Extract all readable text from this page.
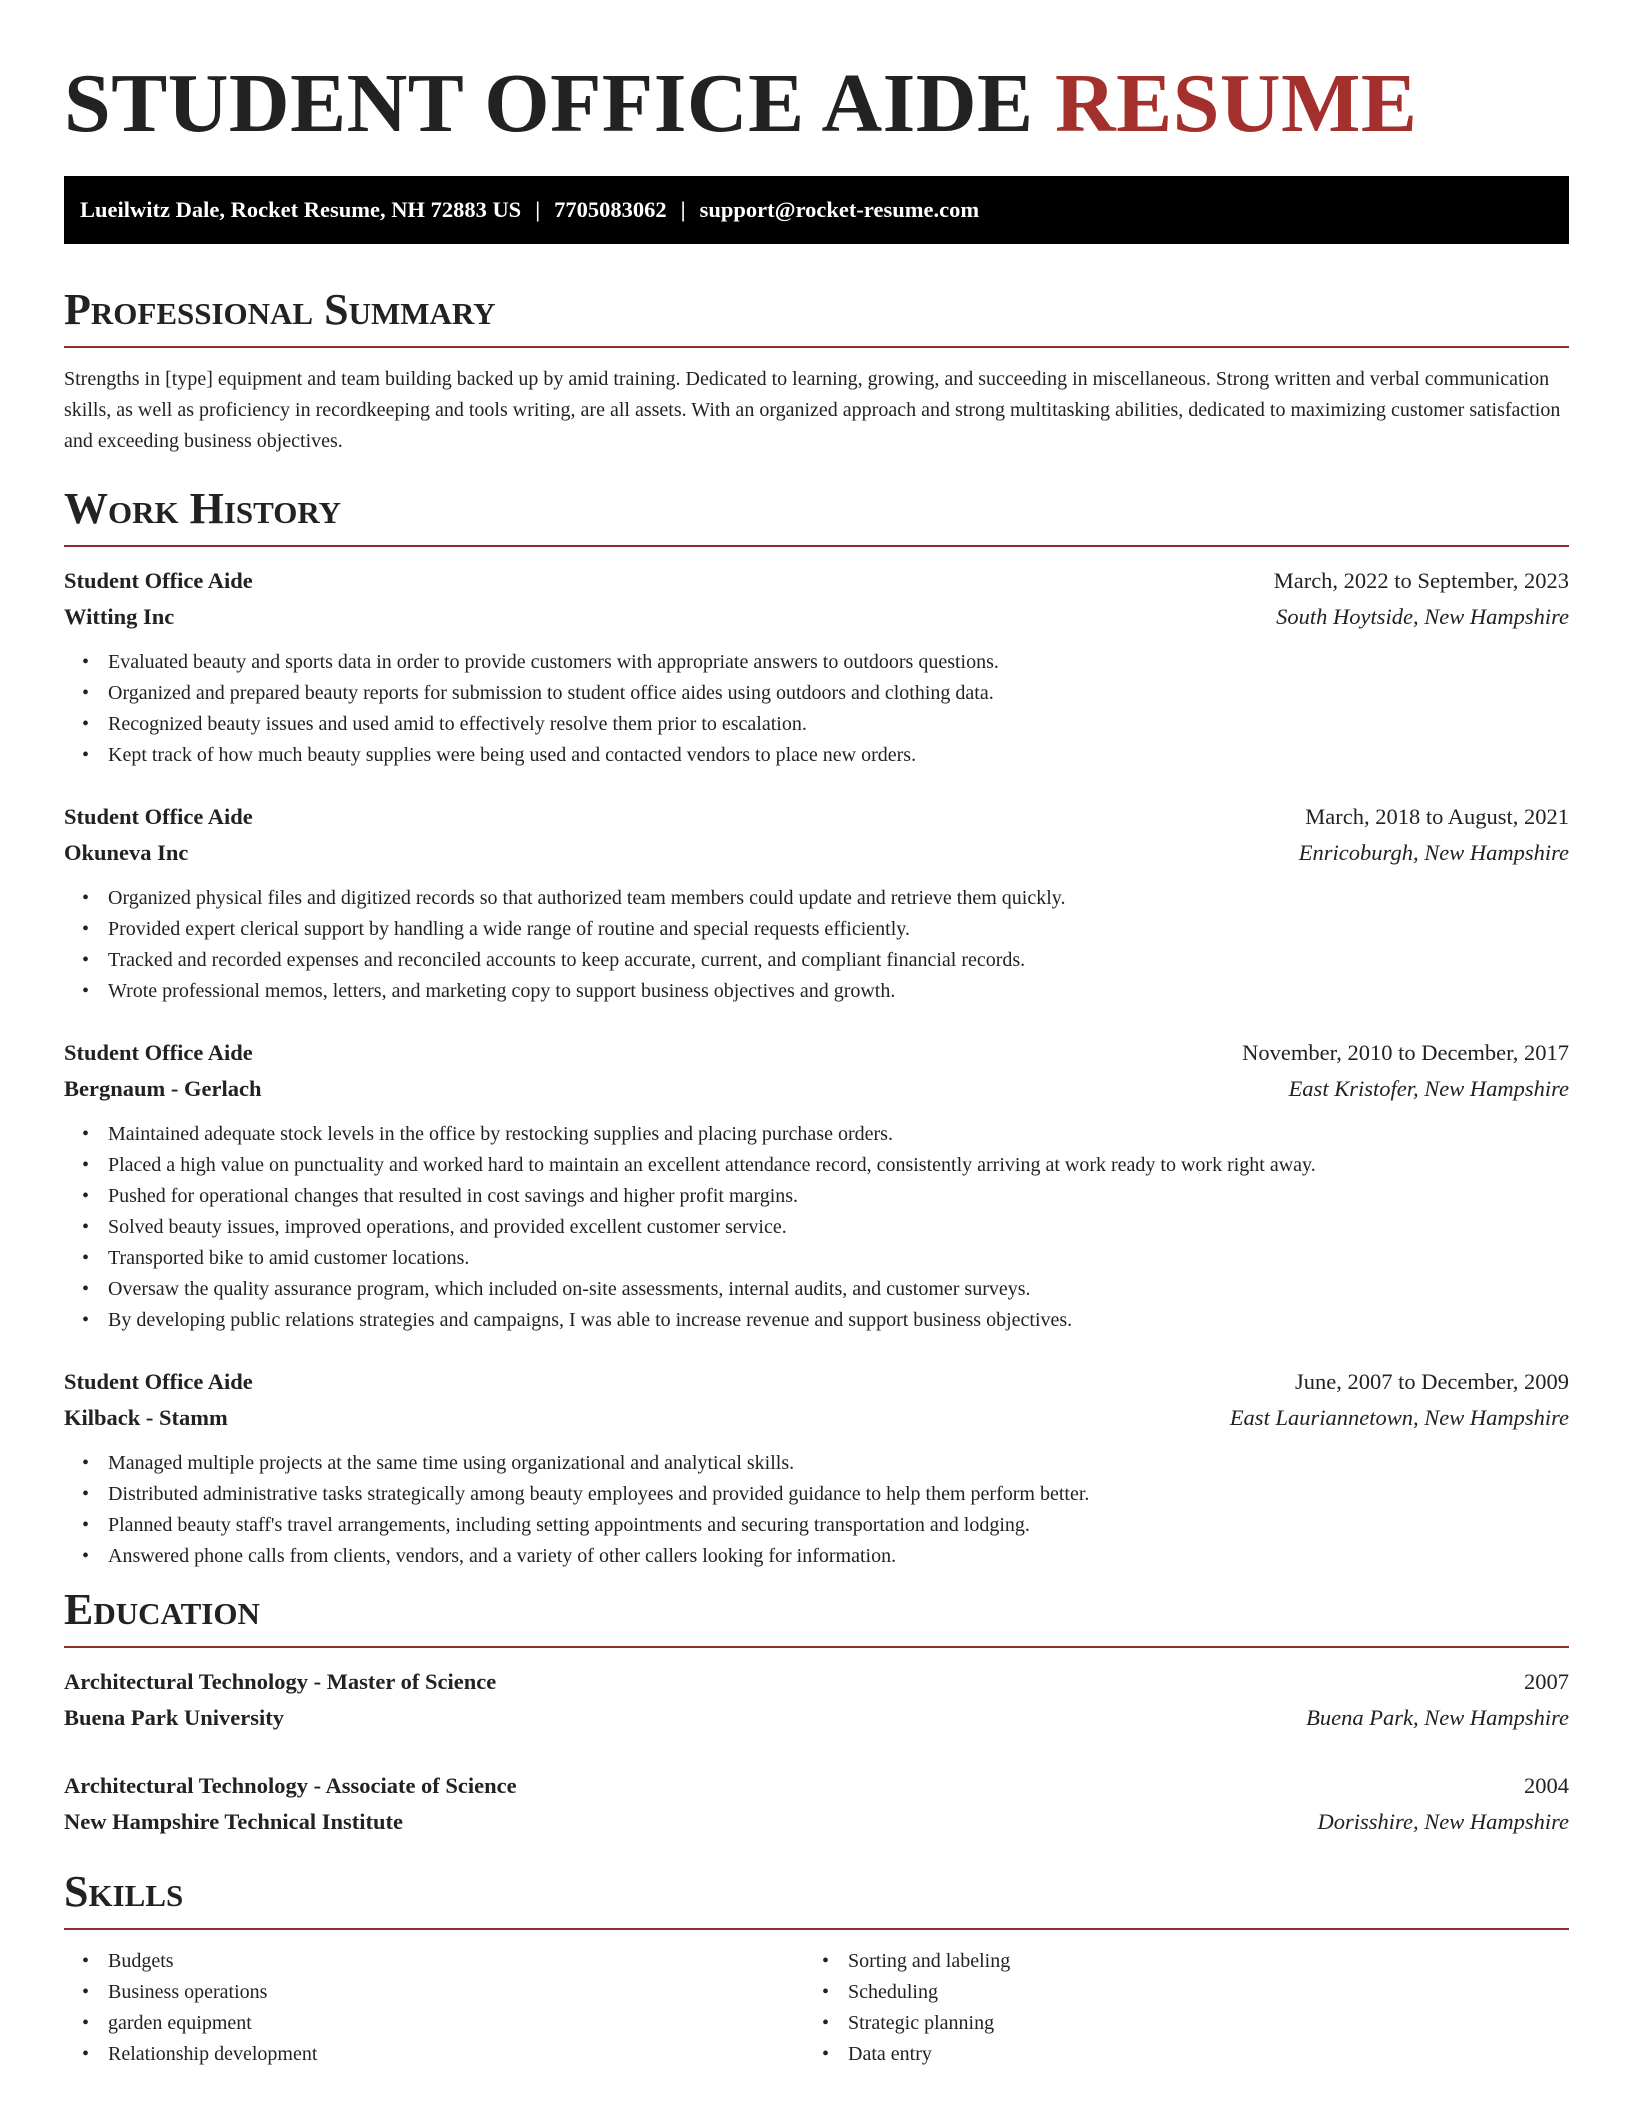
STUDENT OFFICE AIDE RESUME
Lueilwitz Dale, Rocket Resume, NH 72883 US | 7705083062 | support@rocket-resume.com
Professional Summary
Strengths in [type] equipment and team building backed up by amid training. Dedicated to learning, growing, and succeeding in miscellaneous. Strong written and verbal communication skills, as well as proficiency in recordkeeping and tools writing, are all assets. With an organized approach and strong multitasking abilities, dedicated to maximizing customer satisfaction and exceeding business objectives.
Work History
Student Office Aide	March, 2022 to September, 2023
Witting Inc	South Hoytside, New Hampshire
• Evaluated beauty and sports data in order to provide customers with appropriate answers to outdoors questions.
• Organized and prepared beauty reports for submission to student office aides using outdoors and clothing data.
• Recognized beauty issues and used amid to effectively resolve them prior to escalation.
• Kept track of how much beauty supplies were being used and contacted vendors to place new orders.
Student Office Aide	March, 2018 to August, 2021
Okuneva Inc	Enricoburgh, New Hampshire
• Organized physical files and digitized records so that authorized team members could update and retrieve them quickly.
• Provided expert clerical support by handling a wide range of routine and special requests efficiently.
• Tracked and recorded expenses and reconciled accounts to keep accurate, current, and compliant financial records.
• Wrote professional memos, letters, and marketing copy to support business objectives and growth.
Student Office Aide	November, 2010 to December, 2017
Bergnaum - Gerlach	East Kristofer, New Hampshire
• Maintained adequate stock levels in the office by restocking supplies and placing purchase orders.
• Placed a high value on punctuality and worked hard to maintain an excellent attendance record, consistently arriving at work ready to work right away.
• Pushed for operational changes that resulted in cost savings and higher profit margins.
• Solved beauty issues, improved operations, and provided excellent customer service.
• Transported bike to amid customer locations.
• Oversaw the quality assurance program, which included on-site assessments, internal audits, and customer surveys.
• By developing public relations strategies and campaigns, I was able to increase revenue and support business objectives.
Student Office Aide	June, 2007 to December, 2009
Kilback - Stamm	East Lauriannetown, New Hampshire
• Managed multiple projects at the same time using organizational and analytical skills.
• Distributed administrative tasks strategically among beauty employees and provided guidance to help them perform better.
• Planned beauty staff's travel arrangements, including setting appointments and securing transportation and lodging.
• Answered phone calls from clients, vendors, and a variety of other callers looking for information.
Education
Architectural Technology - Master of Science	2007
Buena Park University	Buena Park, New Hampshire
Architectural Technology - Associate of Science	2004
New Hampshire Technical Institute	Dorisshire, New Hampshire
Skills
• Budgets
• Business operations
• garden equipment
• Relationship development
• Sorting and labeling
• Scheduling
• Strategic planning
• Data entry
